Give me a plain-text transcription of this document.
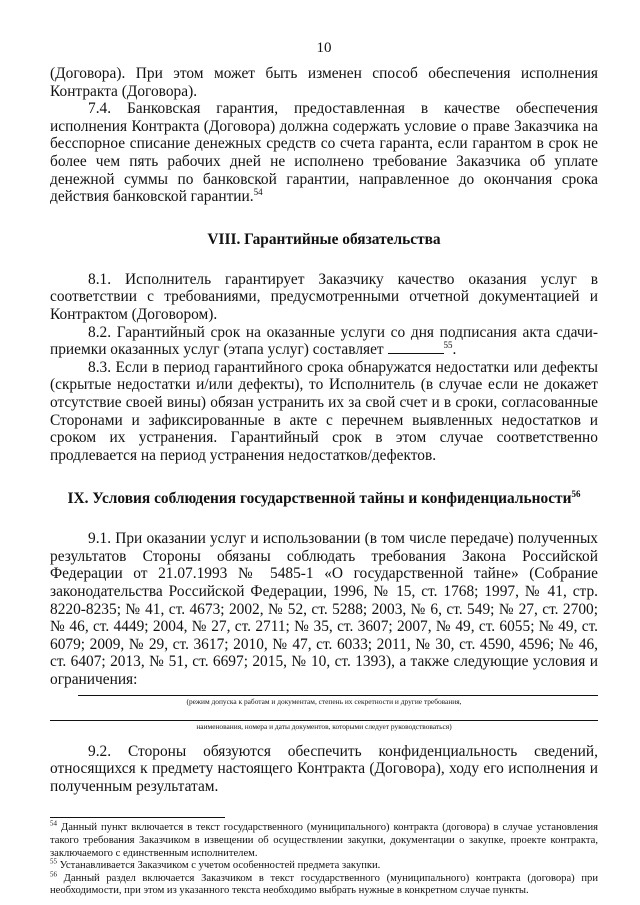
10

(Договора). При этом может быть изменен способ обеспечения исполнения Контракта (Договора).

7.4. Банковская гарантия, предоставленная в качестве обеспечения исполнения Контракта (Договора) должна содержать условие о праве Заказчика на бесспорное списание денежных средств со счета гаранта, если гарантом в срок не более чем пять рабочих дней не исполнено требование Заказчика об уплате денежной суммы по банковской гарантии, направленное до окончания срока действия банковской гарантии.$^{54}$

VIII. Гарантийные обязательства

8.1. Исполнитель гарантирует Заказчику качество оказания услуг в соответствии с требованиями, предусмотренными отчетной документацией и Контрактом (Договором).

8.2. Гарантийный срок на оказанные услуги со дня подписания акта сдачи-приемки оказанных услуг (этапа услуг) составляет	$^{55}$.

8.3. Если в период гарантийного срока обнаружатся недостатки или дефекты (скрытые недостатки и/или дефекты), то Исполнитель (в случае если не докажет отсутствие своей вины) обязан устранить их за свой счет и в сроки, согласованные Сторонами и зафиксированные в акте с перечнем выявленных недостатков и сроком их устранения. Гарантийный срок в этом случае соответственно продлевается на период устранения недостатков/дефектов.

IX. Условия соблюдения государственной тайны и конфиденциальности$^{56}$

9.1. При оказании услуг и использовании (в том числе передаче) полученных результатов Стороны обязаны соблюдать требования Закона Российской Федерации от 21.07.1993 № 5485-1 «О государственной тайне» (Собрание законодательства Российской Федерации, 1996, № 15, ст. 1768; 1997, № 41, стр. 8220-8235; № 41, ст. 4673; 2002, № 52, ст. 5288; 2003, № 6, ст. 549; № 27, ст. 2700; № 46, ст. 4449; 2004, № 27, ст. 2711; № 35, ст. 3607; 2007, № 49, ст. 6055; № 49, ст. 6079; 2009, № 29, ст. 3617; 2010, № 47, ст. 6033; 2011, № 30, ст. 4590, 4596; № 46, ст. 6407; 2013, № 51, ст. 6697; 2015, № 10, ст. 1393), а также следующие условия и ограничения:

(режим допуска к работам и документам, степень их секретности и другие требования,
наименования, номера и даты документов, которыми следует руководствоваться)

9.2. Стороны обязуются обеспечить конфиденциальность сведений, относящихся к предмету настоящего Контракта (Договора), ходу его исполнения и полученным результатам.

$^{54}$ Данный пункт включается в текст государственного (муниципального) контракта (договора) в случае установления такого требования Заказчиком в извещении об осуществлении закупки, документации о закупке, проекте контракта, заключаемого с единственным исполнителем.

$^{55}$ Устанавливается Заказчиком с учетом особенностей предмета закупки.

$^{56}$ Данный раздел включается Заказчиком в текст государственного (муниципального) контракта (договора) при необходимости, при этом из указанного текста необходимо выбрать нужные в конкретном случае пункты.
